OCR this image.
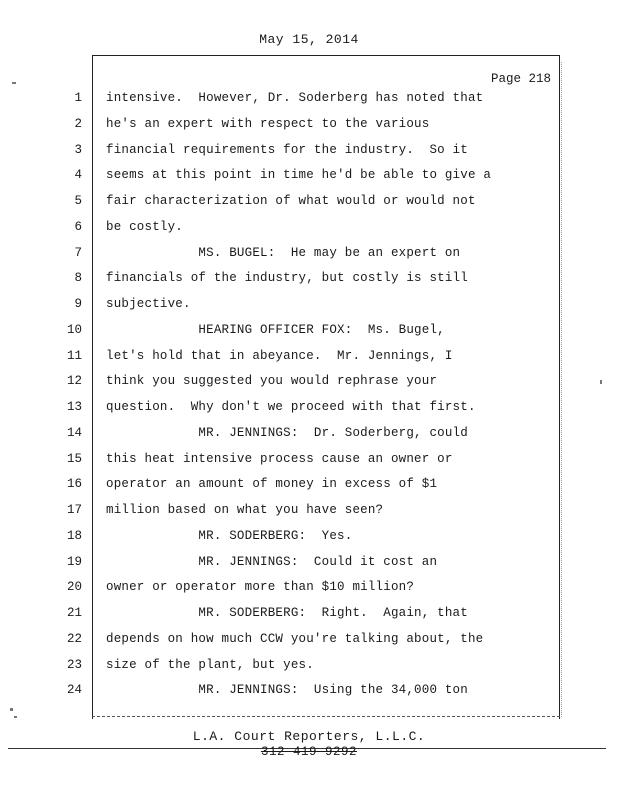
May 15, 2014
Page 218
1 intensive.  However, Dr. Soderberg has noted that
2 he's an expert with respect to the various
3 financial requirements for the industry.  So it
4 seems at this point in time he'd be able to give a
5 fair characterization of what would or would not
6 be costly.
7 MS. BUGEL:  He may be an expert on
8 financials of the industry, but costly is still
9 subjective.
10 HEARING OFFICER FOX:  Ms. Bugel,
11 let's hold that in abeyance.  Mr. Jennings, I
12 think you suggested you would rephrase your
13 question.  Why don't we proceed with that first.
14 MR. JENNINGS:  Dr. Soderberg, could
15 this heat intensive process cause an owner or
16 operator an amount of money in excess of $1
17 million based on what you have seen?
18 MR. SODERBERG:  Yes.
19 MR. JENNINGS:  Could it cost an
20 owner or operator more than $10 million?
21 MR. SODERBERG:  Right.  Again, that
22 depends on how much CCW you're talking about, the
23 size of the plant, but yes.
24 MR. JENNINGS:  Using the 34,000 ton
L.A. Court Reporters, L.L.C.
312-419-9292
